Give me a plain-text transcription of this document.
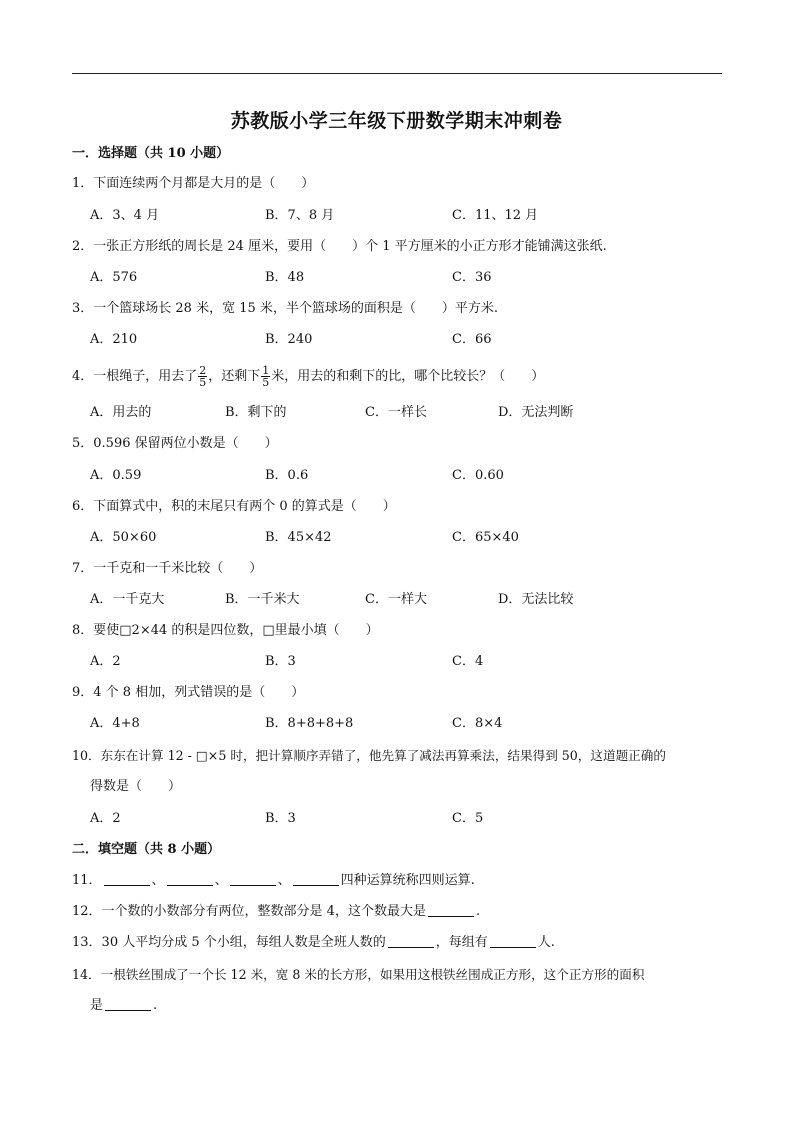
苏教版小学三年级下册数学期末冲刺卷
一．选择题（共 10 小题）
1．下面连续两个月都是大月的是（　　）
A．3、4 月	B．7、8 月	C．11、12 月
2．一张正方形纸的周长是 24 厘米，要用（　　）个 1 平方厘米的小正方形才能铺满这张纸.
A．576	B．48	C．36
3．一个篮球场长 28 米，宽 15 米，半个篮球场的面积是（　　）平方米.
A．210	B．240	C．66
4．一根绳子，用去了 $\frac{2}{5}$ ，还剩下 $\frac{1}{5}$ 米，用去的和剩下的比，哪个比较长？（　　）
A．用去的	B．剩下的	C．一样长	D．无法判断
5．0.596 保留两位小数是（　　）
A．0.59	B．0.6	C．0.60
6．下面算式中，积的末尾只有两个 0 的算式是（　　）
A．50×60	B．45×42	C．65×40
7．一千克和一千米比较（　　）
A．一千克大	B．一千米大	C．一样大	D．无法比较
8．要使□2×44 的积是四位数，□里最小填（　　）
A．2	B．3	C．4
9．4 个 8 相加，列式错误的是（　　）
A．4+8	B．8+8+8+8	C．8×4
10．东东在计算 12 - □×5 时，把计算顺序弄错了，他先算了减法再算乘法，结果得到 50，这道题正确的
得数是（　　）
A．2	B．3	C．5
二．填空题（共 8 小题）
11．	、	、	、	四种运算统称四则运算.
12．一个数的小数部分有两位，整数部分是 4，这个数最大是	.
13．30 人平均分成 5 个小组，每组人数是全班人数的	，每组有	人.
14．一根铁丝围成了一个长 12 米，宽 8 米的长方形，如果用这根铁丝围成正方形，这个正方形的面积
是	.
